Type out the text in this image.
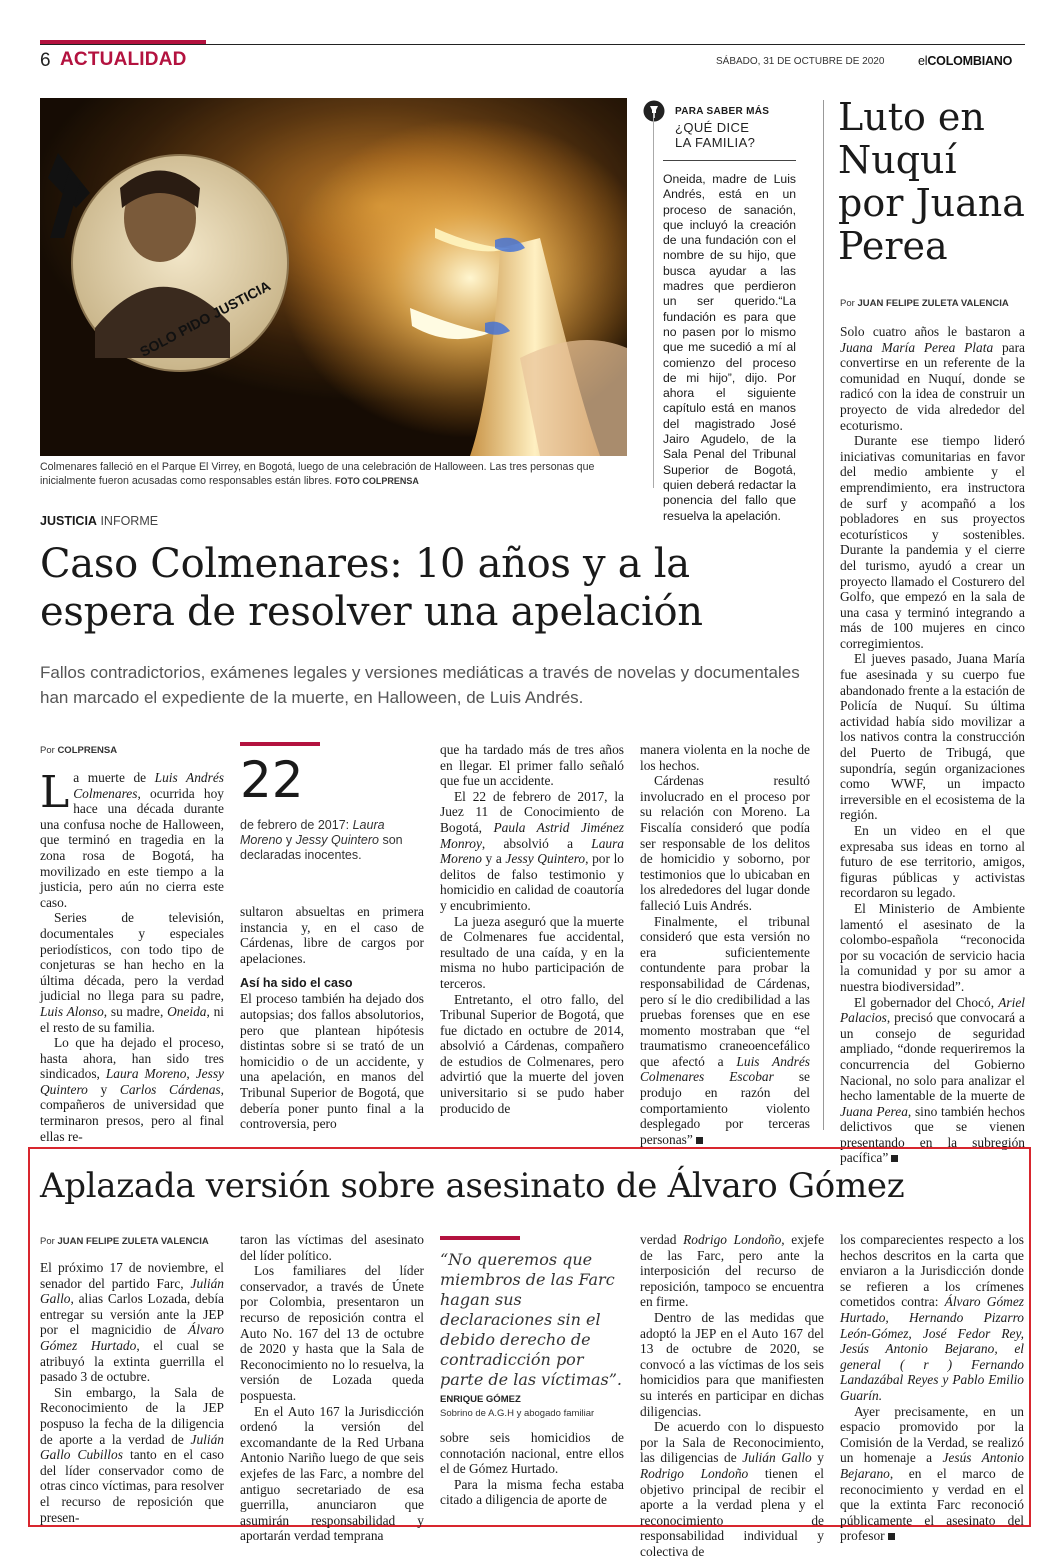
6 ACTUALIDAD	SÁBADO, 31 DE OCTUBRE DE 2020	elCOLOMBIANO
SOLO PIDO JUSTICIA
Colmenares falleció en el Parque El Virrey, en Bogotá, luego de una celebración de Halloween. Las tres personas que inicialmente fueron acusadas como responsables están libres. FOTO COLPRENSA
PARA SABER MÁS
¿QUÉ DICE
LA FAMILIA?
Oneida, madre de Luis Andrés, está en un proceso de sanación, que incluyó la creación de una fundación con el nombre de su hijo, que busca ayudar a las madres que perdieron un ser querido.“La fundación es para que no pasen por lo mismo que me sucedió a mí al comienzo del proceso de mi hijo”, dijo. Por ahora el siguiente capítulo está en manos del magistrado José Jairo Agudelo, de la Sala Penal del Tribunal Superior de Bogotá, quien deberá redactar la ponencia del fallo que resuelva la apelación.
Luto en
Nuquí
por Juana
Perea
Por JUAN FELIPE ZULETA VALENCIA

Solo cuatro años le bastaron a Juana María Perea Plata para convertirse en un referente de la comunidad en Nuquí, donde se radicó con la idea de construir un proyecto de vida alrededor del ecoturismo.

Durante ese tiempo lideró iniciativas comunitarias en favor del medio ambiente y el emprendimiento, era instructora de surf y acompañó a los pobladores en sus proyectos ecoturísticos y sostenibles. Durante la pandemia y el cierre del turismo, ayudó a crear un proyecto llamado el Costurero del Golfo, que empezó en la sala de una casa y terminó integrando a más de 100 mujeres en cinco corregimientos.

El jueves pasado, Juana María fue asesinada y su cuerpo fue abandonado frente a la estación de Policía de Nuquí. Su última actividad había sido movilizar a los nativos contra la construcción del Puerto de Tribugá, que supondría, según organizaciones como WWF, un impacto irreversible en el ecosistema de la región.

En un video en el que expresaba sus ideas en torno al futuro de ese territorio, amigos, figuras públicas y activistas recordaron su legado.

El Ministerio de Ambiente lamentó el asesinato de la colombo-española “reconocida por su vocación de servicio hacia la comunidad y por su amor a nuestra biodiversidad”.

El gobernador del Chocó, Ariel Palacios, precisó que convocará a un consejo de seguridad ampliado, “donde requeriremos la concurrencia del Gobierno Nacional, no solo para analizar el hecho lamentable de la muerte de Juana Perea, sino también hechos delictivos que se vienen presentando en la subregión pacífica”

JUSTICIA INFORME
Caso Colmenares: 10 años y a la
espera de resolver una apelación
Fallos contradictorios, exámenes legales y versiones mediáticas a través de novelas y documentales han marcado el expediente de la muerte, en Halloween, de Luis Andrés.
Por COLPRENSA

La muerte de Luis Andrés Colmenares, ocurrida hoy hace una década durante una confusa noche de Halloween, que terminó en tragedia en la zona rosa de Bogotá, ha movilizado en este tiempo a la justicia, pero aún no cierra este caso.

Series de televisión, documentales y especiales periodísticos, con todo tipo de conjeturas se han hecho en la última década, pero la verdad judicial no llega para su padre, Luis Alonso, su madre, Oneida, ni el resto de su familia.

Lo que ha dejado el proceso, hasta ahora, han sido tres sindicados, Laura Moreno, Jessy Quintero y Carlos Cárdenas, compañeros de universidad que terminaron presos, pero al final ellas re-

22
de febrero de 2017: Laura Moreno y Jessy Quintero son declaradas inocentes.

sultaron absueltas en primera instancia y, en el caso de Cárdenas, libre de cargos por apelaciones.

Así ha sido el caso

El proceso también ha dejado dos autopsias; dos fallos absolutorios, pero que plantean hipótesis distintas sobre si se trató de un homicidio o de un accidente, y una apelación, en manos del Tribunal Superior de Bogotá, que debería poner punto final a la controversia, pero

que ha tardado más de tres años en llegar. El primer fallo señaló que fue un accidente.

El 22 de febrero de 2017, la Juez 11 de Conocimiento de Bogotá, Paula Astrid Jiménez Monroy, absolvió a Laura Moreno y a Jessy Quintero, por lo delitos de falso testimonio y homicidio en calidad de coautoría y encubrimiento.

La jueza aseguró que la muerte de Colmenares fue accidental, resultado de una caída, y en la misma no hubo participación de terceros.

Entretanto, el otro fallo, del Tribunal Superior de Bogotá, que fue dictado en octubre de 2014, absolvió a Cárdenas, compañero de estudios de Colmenares, pero advirtió que la muerte del joven universitario si se pudo haber producido de

manera violenta en la noche de los hechos.

Cárdenas resultó involucrado en el proceso por su relación con Moreno. La Fiscalía consideró que podía ser responsable de los delitos de homicidio y soborno, por testimonios que lo ubicaban en los alrededores del lugar donde falleció Luis Andrés.

Finalmente, el tribunal consideró que esta versión no era suficientemente contundente para probar la responsabilidad de Cárdenas, pero sí le dio credibilidad a las pruebas forenses que en ese momento mostraban que “el traumatismo craneoencefálico que afectó a Luis Andrés Colmenares Escobar se produjo en razón del comportamiento violento desplegado por terceras personas”

Aplazada versión sobre asesinato de Álvaro Gómez
Por JUAN FELIPE ZULETA VALENCIA

El próximo 17 de noviembre, el senador del partido Farc, Julián Gallo, alias Carlos Lozada, debía entregar su versión ante la JEP por el magnicidio de Álvaro Gómez Hurtado, el cual se atribuyó la extinta guerrilla el pasado 3 de octubre.

Sin embargo, la Sala de Reconocimiento de la JEP pospuso la fecha de la diligencia de aporte a la verdad de Julián Gallo Cubillos tanto en el caso del líder conservador como de otras cinco víctimas, para resolver el recurso de reposición que presen-

taron las víctimas del asesinato del líder político.

Los familiares del líder conservador, a través de Únete por Colombia, presentaron un recurso de reposición contra el Auto No. 167 del 13 de octubre de 2020 y hasta que la Sala de Reconocimiento no lo resuelva, la versión de Lozada queda pospuesta.

En el Auto 167 la Jurisdicción ordenó la versión del excomandante de la Red Urbana Antonio Nariño luego de que seis exjefes de las Farc, a nombre del antiguo secretariado de esa guerrilla, anunciaron que asumirán responsabilidad y aportarán verdad temprana

“No queremos que miembros de las Farc hagan sus declaraciones sin el debido derecho de contradicción por parte de las víctimas”.
ENRIQUE GÓMEZ
Sobrino de A.G.H y abogado familiar

sobre seis homicidios de connotación nacional, entre ellos el de Gómez Hurtado.

Para la misma fecha estaba citado a diligencia de aporte de

verdad Rodrigo Londoño, exjefe de las Farc, pero ante la interposición del recurso de reposición, tampoco se encuentra en firme.

Dentro de las medidas que adoptó la JEP en el Auto 167 del 13 de octubre de 2020, se convocó a las víctimas de los seis homicidios para que manifiesten su interés en participar en dichas diligencias.

De acuerdo con lo dispuesto por la Sala de Reconocimiento, las diligencias de Julián Gallo y Rodrigo Londoño tienen el objetivo principal de recibir el aporte a la verdad plena y el reconocimiento de responsabilidad individual y colectiva de

los comparecientes respecto a los hechos descritos en la carta que enviaron a la Jurisdicción donde se refieren a los crímenes cometidos contra: Álvaro Gómez Hurtado, Hernando Pizarro León-Gómez, José Fedor Rey, Jesús Antonio Bejarano, el general ( r ) Fernando Landazábal Reyes y Pablo Emilio Guarín.

Ayer precisamente, en un espacio promovido por la Comisión de la Verdad, se realizó un homenaje a Jesús Antonio Bejarano, en el marco de reconocimiento y verdad en el que la extinta Farc reconoció públicamente el asesinato del profesor
